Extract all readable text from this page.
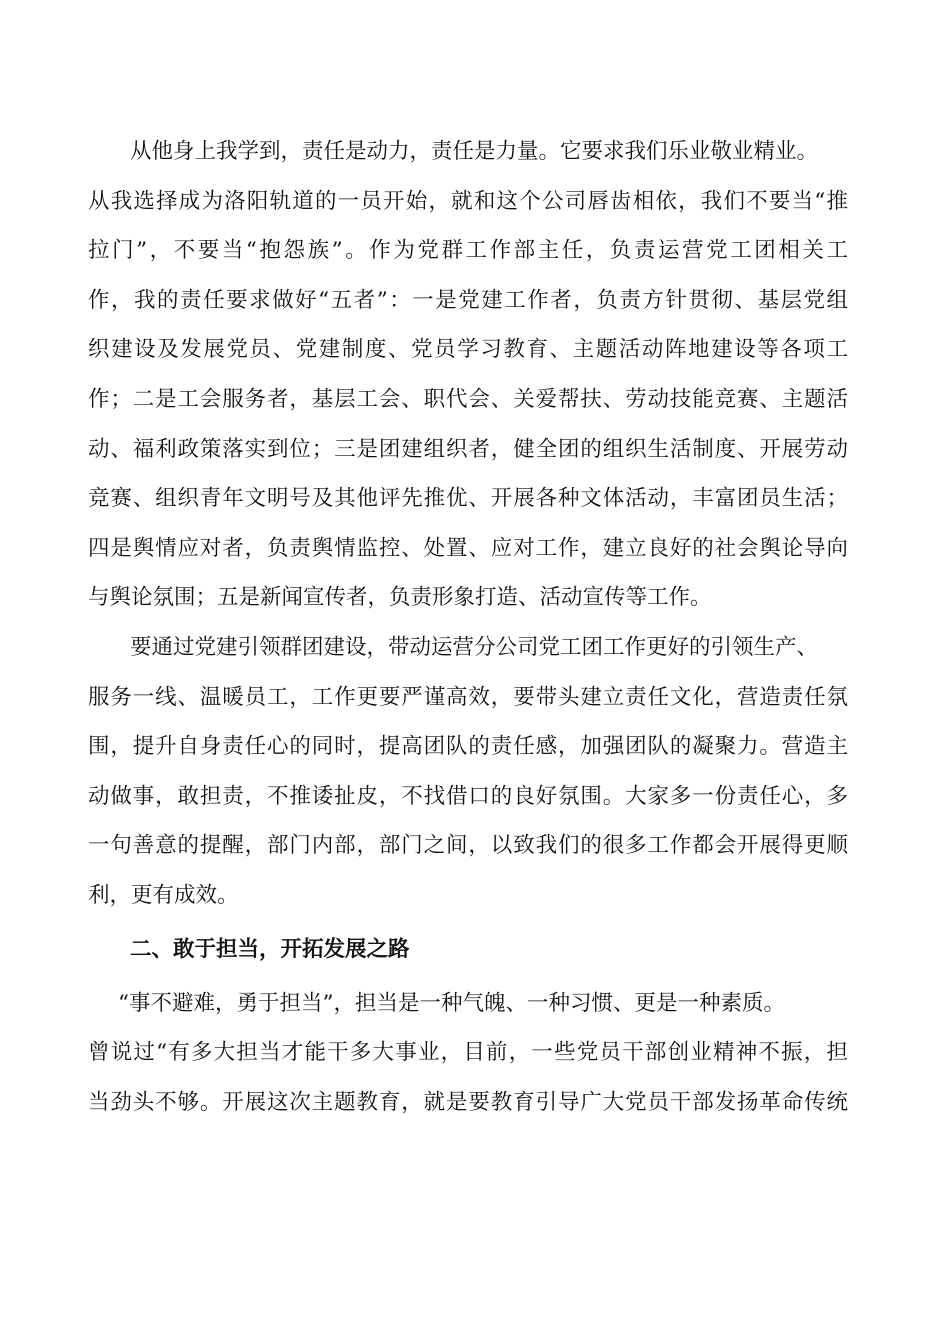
从他身上我学到，责任是动力，责任是力量。它要求我们乐业敬业精业。
从我选择成为洛阳轨道的一员开始，就和这个公司唇齿相依，我们不要当“推
拉门”，不要当“抱怨族”。作为党群工作部主任，负责运营党工团相关工
作，我的责任要求做好“五者”：一是党建工作者，负责方针贯彻、基层党组
织建设及发展党员、党建制度、党员学习教育、主题活动阵地建设等各项工
作；二是工会服务者，基层工会、职代会、关爱帮扶、劳动技能竞赛、主题活
动、福利政策落实到位；三是团建组织者，健全团的组织生活制度、开展劳动
竞赛、组织青年文明号及其他评先推优、开展各种文体活动，丰富团员生活；
四是舆情应对者，负责舆情监控、处置、应对工作，建立良好的社会舆论导向
与舆论氛围；五是新闻宣传者，负责形象打造、活动宣传等工作。
要通过党建引领群团建设，带动运营分公司党工团工作更好的引领生产、
服务一线、温暖员工，工作更要严谨高效，要带头建立责任文化，营造责任氛
围，提升自身责任心的同时，提高团队的责任感，加强团队的凝聚力。营造主
动做事，敢担责，不推诿扯皮，不找借口的良好氛围。大家多一份责任心，多
一句善意的提醒，部门内部，部门之间，以致我们的很多工作都会开展得更顺
利，更有成效。
二、敢于担当，开拓发展之路
“事不避难，勇于担当”，担当是一种气魄、一种习惯、更是一种素质。
曾说过“有多大担当才能干多大事业，目前，一些党员干部创业精神不振，担
当劲头不够。开展这次主题教育，就是要教育引导广大党员干部发扬革命传统
